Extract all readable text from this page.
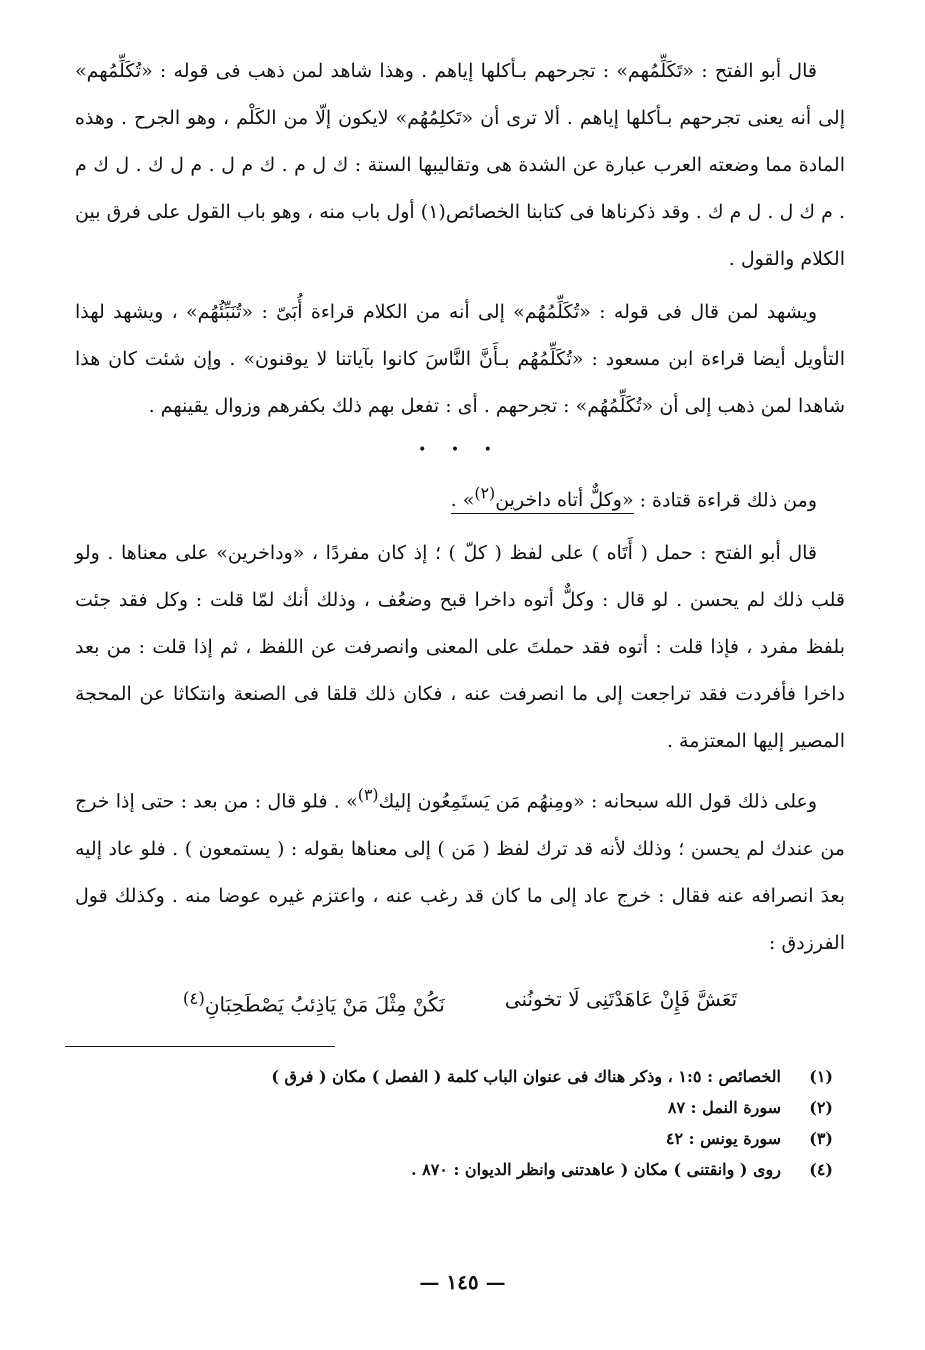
قال أبو الفتح : «تَكَلِّمُهم» : تجرحهم بـأكلها إياهم . وهذا شاهد لمن ذهب فى قوله : «تُكَلِّمُهم» إلى أنه يعنى تجرحهم بـأكلها إياهم . ألا ترى أن «تَكلِمُهُم» لايكون إلّا من الكَلْم ، وهو الجرح . وهذه المادة مما وضعته العرب عبارة عن الشدة هى وتقاليبها الستة : ك ل م . ك م ل . م ل ك . ل ك م . م ك ل . ل م ك . وقد ذكرناها فى كتابنا الخصائص(١) أول باب منه ، وهو باب القول على فرق بين الكلام والقول .

ويشهد لمن قال فى قوله : «تُكَلِّمُهُم» إلى أنه من الكلام قراءة أُبَىّ : «تُنَبِّئُهُم» ، ويشهد لهذا التأويل أيضا قراءة ابن مسعود : «تُكَلِّمُهُم بـأَنَّ النَّاسَ كانوا بآياتنا لا يوقنون» . وإن شئت كان هذا شاهدا لمن ذهب إلى أن «تُكَلِّمُهُم» : تجرحهم . أى : تفعل بهم ذلك بكفرهم وزوال يقينهم .

• • •

ومن ذلك قراءة قتادة : «وكلٌّ أتاه داخرين$^{(٢)}$» .

قال أبو الفتح : حمل ( أَتَاه ) على لفظ ( كلّ ) ؛ إذ كان مفردًا ، «وداخرين» على معناها . ولو قلب ذلك لم يحسن . لو قال : وكلٌّ أتوه داخرا قبح وضعُف ، وذلك أنك لمّا قلت : وكل فقد جئت بلفظ مفرد ، فإذا قلت : أتوه فقد حملتَ على المعنى وانصرفت عن اللفظ ، ثم إذا قلت : من بعد داخرا فأفردت فقد تراجعت إلى ما انصرفت عنه ، فكان ذلك قلقا فى الصنعة وانتكاثا عن المحجة المصير إليها المعتزمة .

وعلى ذلك قول الله سبحانه : «ومِنهُم مَن يَستَمِعُون إليك$^{(٣)}$» . فلو قال : من بعد : حتى إذا خرج من عندك لم يحسن ؛ وذلك لأنه قد ترك لفظ ( مَن ) إلى معناها بقوله : ( يستمعون ) . فلو عاد إليه بعدَ انصرافه عنه فقال : خرج عاد إلى ما كان قد رغب عنه ، واعتزم غيره عوضا منه . وكذلك قول الفرزدق :

تَعَشَّ فَإِنْ عَاهَدْتَنِى لَا تخونُنى
نَكُنْ مِثْلَ مَنْ يَاذِئبُ يَصْطَحِبَانِ$^{(٤)}$
(١)
الخصائص : ١:٥ ، وذكر هناك فى عنوان الباب كلمة ( الفصل ) مكان ( فرق )
(٢)
سورة النمل : ٨٧
(٣)
سورة يونس : ٤٢
(٤)
روى ( وانقتنى ) مكان ( عاهدتنى وانظر الديوان : ٨٧٠ .
— ١٤٥ —
